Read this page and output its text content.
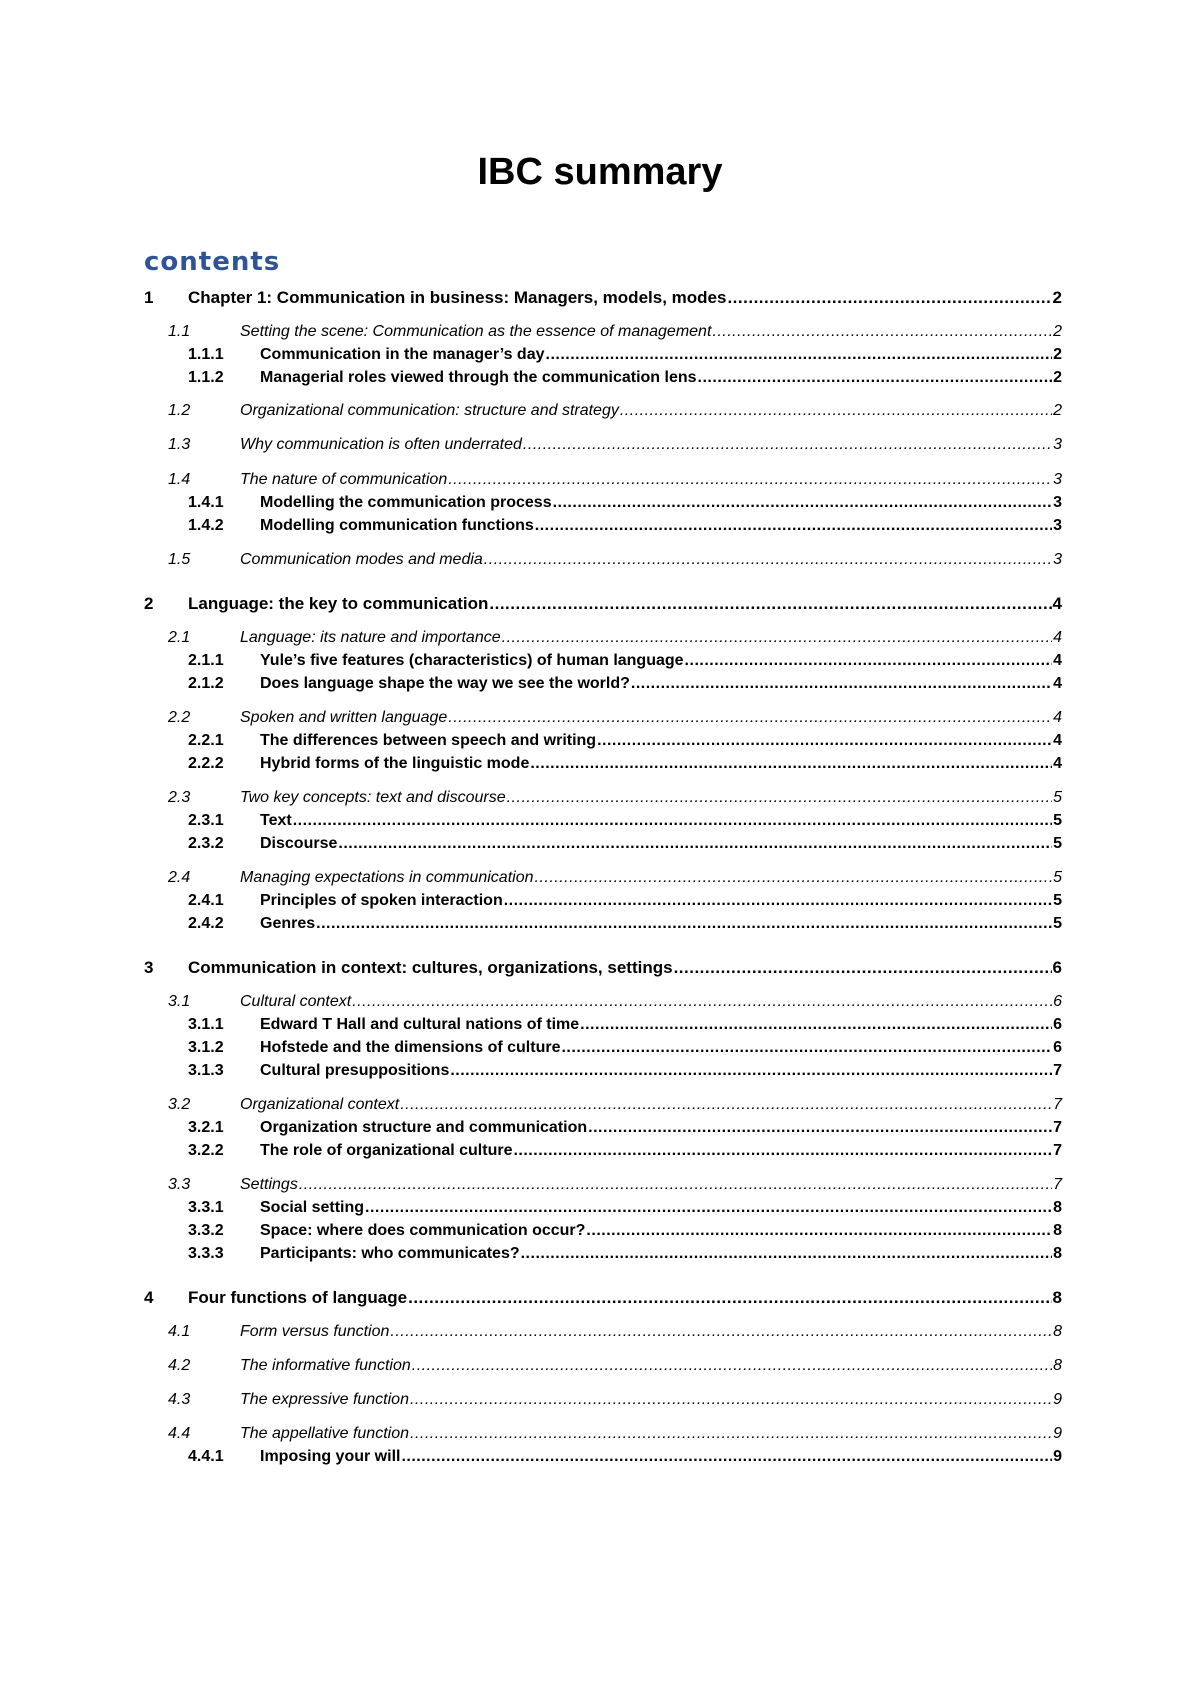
IBC summary
contents
1	Chapter 1: Communication in business: Managers, models, modes .....	2
1.1	Setting the scene: Communication as the essence of management .....	2
1.1.1	Communication in the manager’s day .....	2
1.1.2	Managerial roles viewed through the communication lens .....	2
1.2	Organizational communication: structure and strategy .....	2
1.3	Why communication is often underrated .....	3
1.4	The nature of communication .....	3
1.4.1	Modelling the communication process .....	3
1.4.2	Modelling communication functions .....	3
1.5	Communication modes and media .....	3
2	Language: the key to communication .....	4
2.1	Language: its nature and importance .....	4
2.1.1	Yule’s five features (characteristics) of human language .....	4
2.1.2	Does language shape the way we see the world? .....	4
2.2	Spoken and written language .....	4
2.2.1	The differences between speech and writing .....	4
2.2.2	Hybrid forms of the linguistic mode .....	4
2.3	Two key concepts: text and discourse .....	5
2.3.1	Text .....	5
2.3.2	Discourse .....	5
2.4	Managing expectations in communication .....	5
2.4.1	Principles of spoken interaction .....	5
2.4.2	Genres .....	5
3	Communication in context: cultures, organizations, settings .....	6
3.1	Cultural context .....	6
3.1.1	Edward T Hall and cultural nations of time .....	6
3.1.2	Hofstede and the dimensions of culture .....	6
3.1.3	Cultural presuppositions .....	7
3.2	Organizational context .....	7
3.2.1	Organization structure and communication .....	7
3.2.2	The role of organizational culture .....	7
3.3	Settings .....	7
3.3.1	Social setting .....	8
3.3.2	Space: where does communication occur? .....	8
3.3.3	Participants: who communicates? .....	8
4	Four functions of language .....	8
4.1	Form versus function .....	8
4.2	The informative function .....	8
4.3	The expressive function .....	9
4.4	The appellative function .....	9
4.4.1	Imposing your will .....	9
